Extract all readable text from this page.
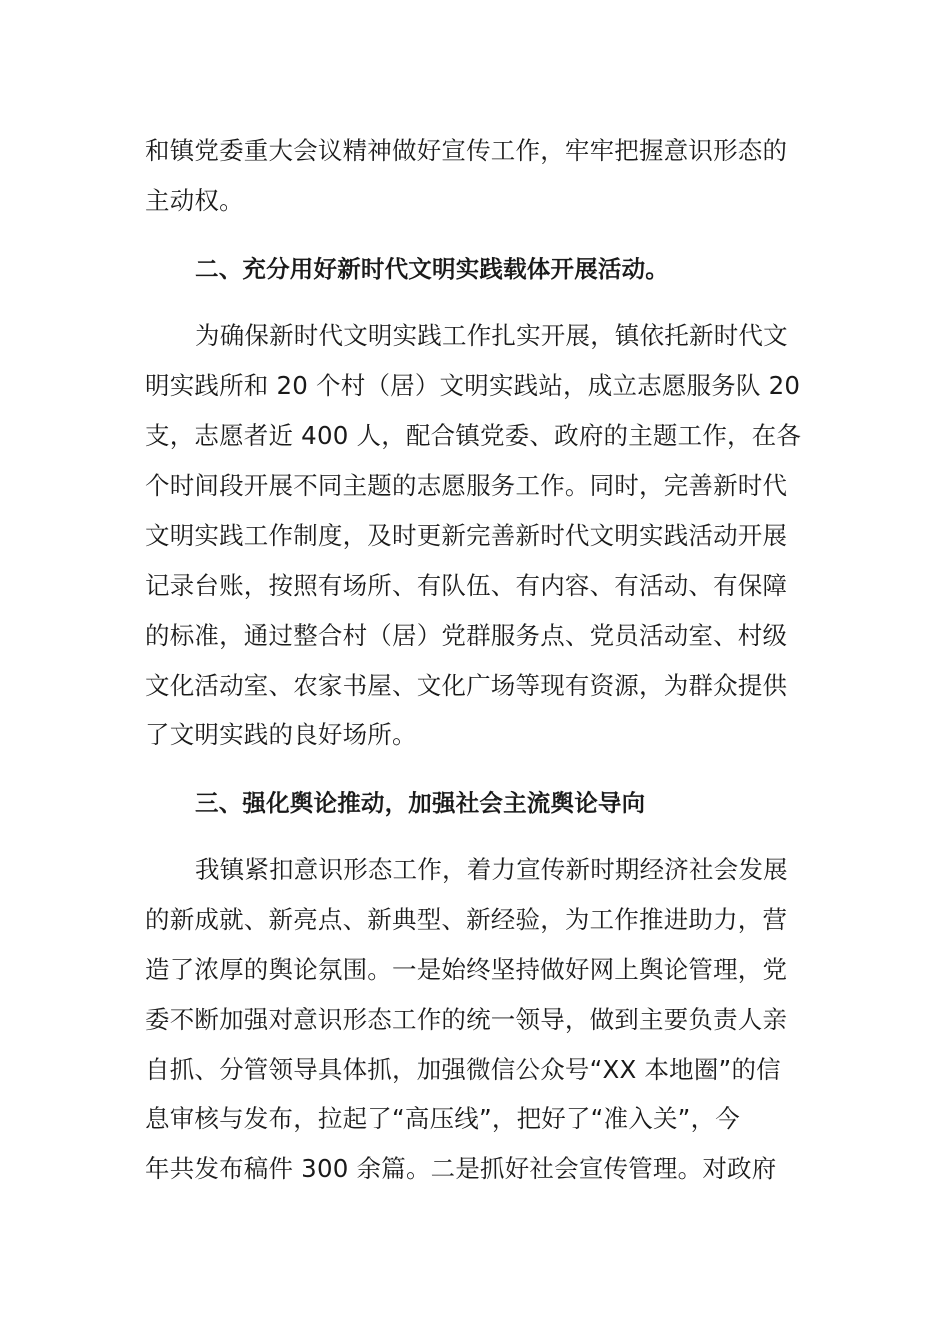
和镇党委重大会议精神做好宣传工作，牢牢把握意识形态的
主动权。
二、充分用好新时代文明实践载体开展活动。
为确保新时代文明实践工作扎实开展，镇依托新时代文
明实践所和 20 个村（居）文明实践站，成立志愿服务队 20
支，志愿者近 400 人，配合镇党委、政府的主题工作，在各
个时间段开展不同主题的志愿服务工作。同时，完善新时代
文明实践工作制度，及时更新完善新时代文明实践活动开展
记录台账，按照有场所、有队伍、有内容、有活动、有保障
的标准，通过整合村（居）党群服务点、党员活动室、村级
文化活动室、农家书屋、文化广场等现有资源，为群众提供
了文明实践的良好场所。
三、强化舆论推动，加强社会主流舆论导向
我镇紧扣意识形态工作，着力宣传新时期经济社会发展
的新成就、新亮点、新典型、新经验，为工作推进助力，营
造了浓厚的舆论氛围。一是始终坚持做好网上舆论管理，党
委不断加强对意识形态工作的统一领导，做到主要负责人亲
自抓、分管领导具体抓，加强微信公众号“XX 本地圈”的信
息审核与发布，拉起了“高压线”，把好了“准入关”，今
年共发布稿件 300 余篇。二是抓好社会宣传管理。对政府
